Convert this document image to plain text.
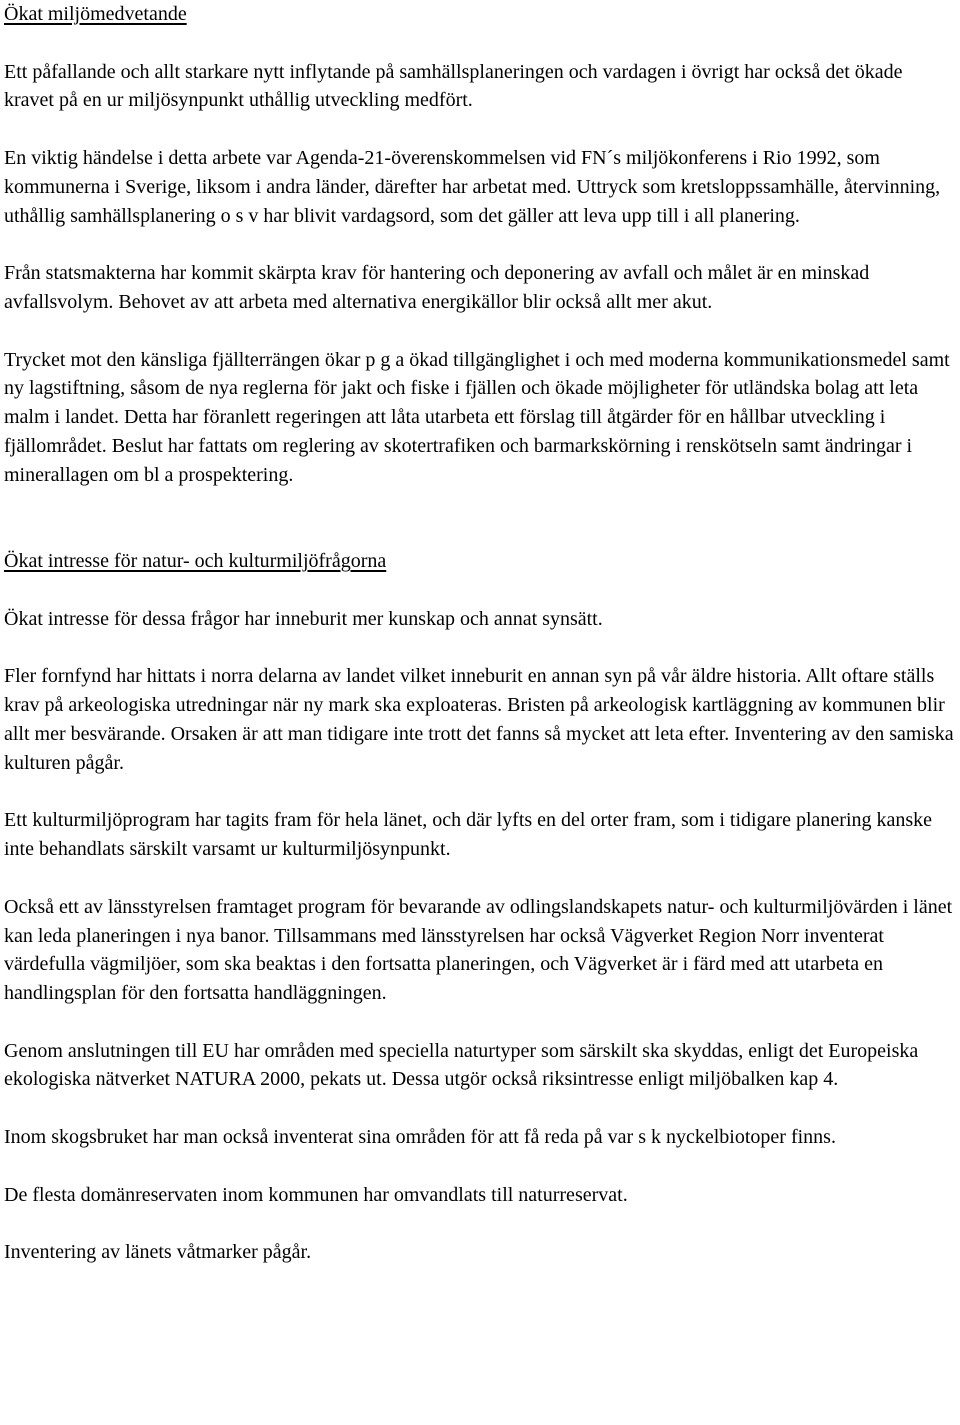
Ökat miljömedvetande

Ett påfallande och allt starkare nytt inflytande på samhällsplaneringen och vardagen i övrigt har också det ökade kravet på en ur miljösynpunkt uthållig utveckling medfört.

En viktig händelse i detta arbete var Agenda-21-överenskommelsen vid FN´s miljökonferens i Rio 1992, som kommunerna i Sverige, liksom i andra länder, därefter har arbetat med. Uttryck som kretsloppssamhälle, återvinning, uthållig samhällsplanering o s v har blivit vardagsord, som det gäller att leva upp till i all planering.

Från statsmakterna har kommit skärpta krav för hantering och deponering av avfall och målet är en minskad avfallsvolym. Behovet av att arbeta med alternativa energikällor blir också allt mer akut.

Trycket mot den känsliga fjällterrängen ökar p g a ökad tillgänglighet i och med moderna kommunikationsmedel samt ny lagstiftning, såsom de nya reglerna för jakt och fiske i fjällen och ökade möjligheter för utländska bolag att leta malm i landet. Detta har föranlett regeringen att låta utarbeta ett förslag till åtgärder för en hållbar utveckling i fjällområdet. Beslut har fattats om reglering av skotertrafiken och barmarkskörning i renskötseln samt ändringar i minerallagen om bl a prospektering.

Ökat intresse för natur- och kulturmiljöfrågorna

Ökat intresse för dessa frågor har inneburit mer kunskap och annat synsätt.

Fler fornfynd har hittats i norra delarna av landet vilket inneburit en annan syn på vår äldre historia. Allt oftare ställs krav på arkeologiska utredningar när ny mark ska exploateras. Bristen på arkeologisk kartläggning av kommunen blir allt mer besvärande. Orsaken är att man tidigare inte trott det fanns så mycket att leta efter. Inventering av den samiska kulturen pågår.

Ett kulturmiljöprogram har tagits fram för hela länet, och där lyfts en del orter fram, som i tidigare planering kanske inte behandlats särskilt varsamt ur kulturmiljösynpunkt.

Också ett av länsstyrelsen framtaget program för bevarande av odlingslandskapets natur- och kulturmiljövärden i länet kan leda planeringen i nya banor. Tillsammans med länsstyrelsen har också Vägverket Region Norr inventerat värdefulla vägmiljöer, som ska beaktas i den fortsatta planeringen, och Vägverket är i färd med att utarbeta en handlingsplan för den fortsatta handläggningen.

Genom anslutningen till EU har områden med speciella naturtyper som särskilt ska skyddas, enligt det Europeiska ekologiska nätverket NATURA 2000, pekats ut. Dessa utgör också riksintresse enligt miljöbalken kap 4.

Inom skogsbruket har man också inventerat sina områden för att få reda på var s k nyckelbiotoper finns.

De flesta domänreservaten inom kommunen har omvandlats till naturreservat.

Inventering av länets våtmarker pågår.
